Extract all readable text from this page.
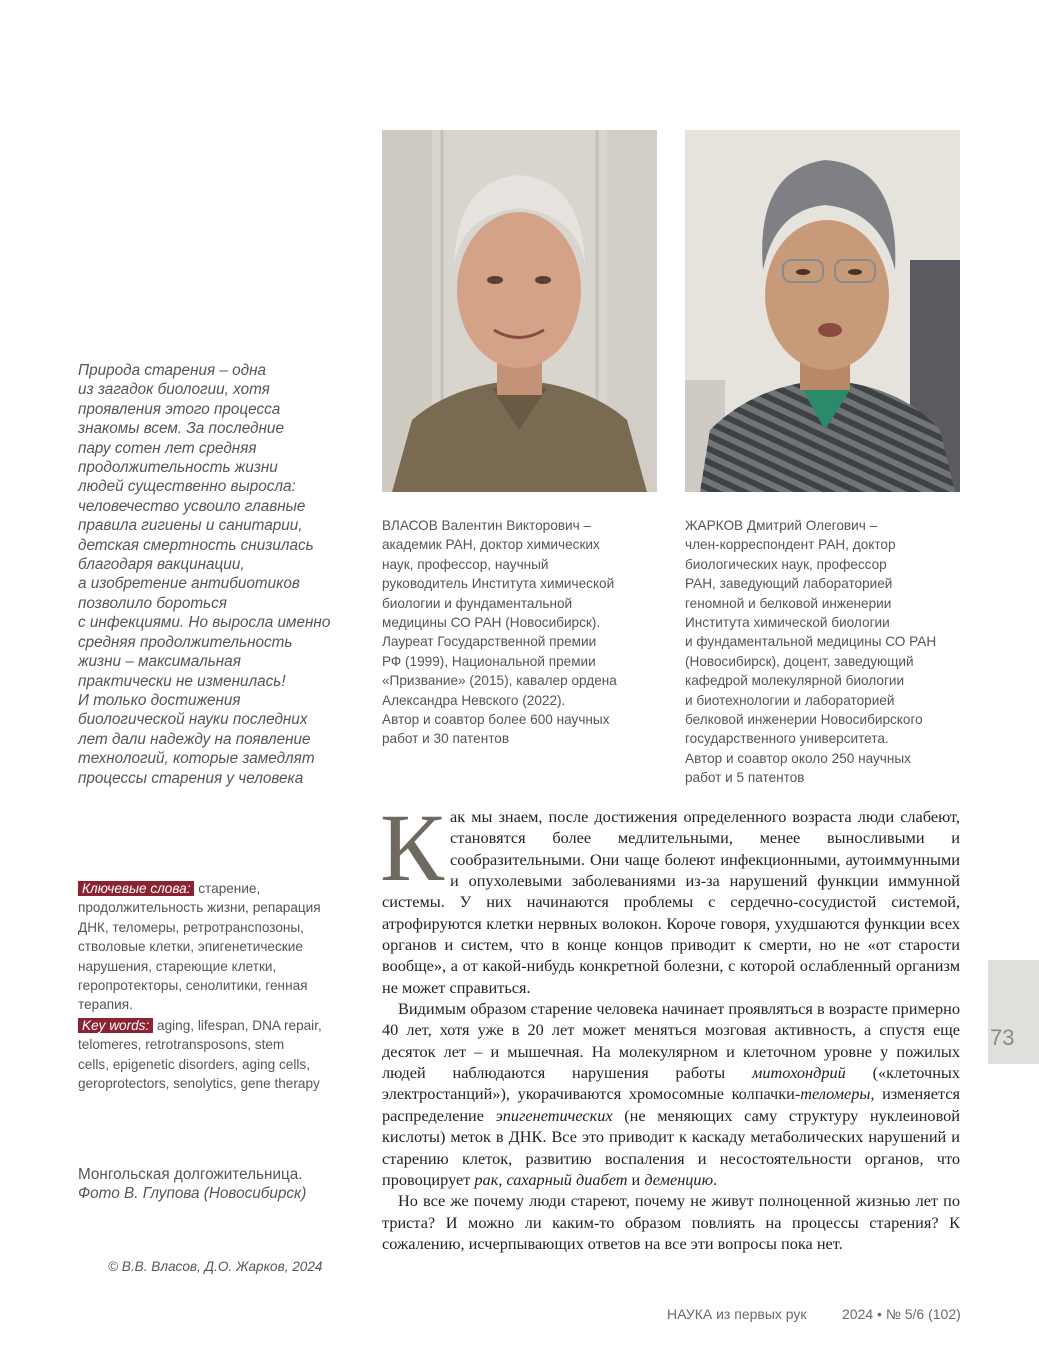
ВЛАСОВ Валентин Викторович –

академик РАН, доктор химических

наук, профессор, научный

руководитель Института химической

биологии и фундаментальной

медицины СО РАН (Новосибирск).

Лауреат Государственной премии

РФ (1999), Национальной премии

«Призвание» (2015), кавалер ордена

Александра Невского (2022).

Автор и соавтор более 600 научных

работ и 30 патентов

ЖАРКОВ Дмитрий Олегович –

член-корреспондент РАН, доктор

биологических наук, профессор

РАН, заведующий лабораторией

геномной и белковой инженерии

Института химической биологии

и фундаментальной медицины СО РАН

(Новосибирск), доцент, заведующий

кафедрой молекулярной биологии

и биотехнологии и лабораторией

белковой инженерии Новосибирского

государственного университета.

Автор и соавтор около 250 научных

работ и 5 патентов

Природа старения – одна

из загадок биологии, хотя

проявления этого процесса

знакомы всем. За последние

пару сотен лет средняя

продолжительность жизни

людей существенно выросла:

человечество усвоило главные

правила гигиены и санитарии,

детская смертность снизилась

благодаря вакцинации,

а изобретение антибиотиков

позволило бороться

с инфекциями. Но выросла именно

средняя продолжительность

жизни – максимальная

практически не изменилась!

И только достижения

биологической науки последних

лет дали надежду на появление

технологий, которые замедлят

процессы старения у человека

Ключевые слова: старение,

продолжительность жизни, репарация

ДНК, теломеры, ретротранспозоны,

стволовые клетки, эпигенетические

нарушения, стареющие клетки,

геропротекторы, сенолитики, генная

терапия.

Key words: aging, lifespan, DNA repair,

telomeres, retrotransposons, stem

cells, epigenetic disorders, aging cells,

geroprotectors, senolytics, gene therapy

Монгольская долгожительница.

Фото В. Глупова (Новосибирск)

© В.В. Власов, Д.О. Жарков, 2024

Как мы знаем, после достижения определенного возраста люди слабеют, становятся более медлительными, менее выносливыми и сообразительными. Они чаще болеют инфекционными, аутоиммунными и опухолевыми заболеваниями из-за нарушений функции иммунной системы. У них начинаются проблемы с сердечно-сосудистой системой, атрофируются клетки нервных волокон. Короче говоря, ухудшаются функции всех органов и систем, что в конце концов приводит к смерти, но не «от старости вообще», а от какой-нибудь конкретной болезни, с которой ослабленный организм не может справиться.

Видимым образом старение человека начинает проявляться в возрасте примерно 40 лет, хотя уже в 20 лет может меняться мозговая активность, а спустя еще десяток лет – и мышечная. На молекулярном и клеточном уровне у пожилых людей наблюдаются нарушения работы митохондрий («клеточных электростанций»), укорачиваются хромосомные колпачки-теломеры, изменяется распределение эпигенетических (не меняющих саму структуру нуклеиновой кислоты) меток в ДНК. Все это приводит к каскаду метаболических нарушений и старению клеток, развитию воспаления и несостоятельности органов, что провоцирует рак, сахарный диабет и деменцию.

Но все же почему люди стареют, почему не живут полноценной жизнью лет по триста? И можно ли каким-то образом повлиять на процессы старения? К сожалению, исчерпывающих ответов на все эти вопросы пока нет.

73
НАУКА из первых рук	2024 • № 5/6 (102)
